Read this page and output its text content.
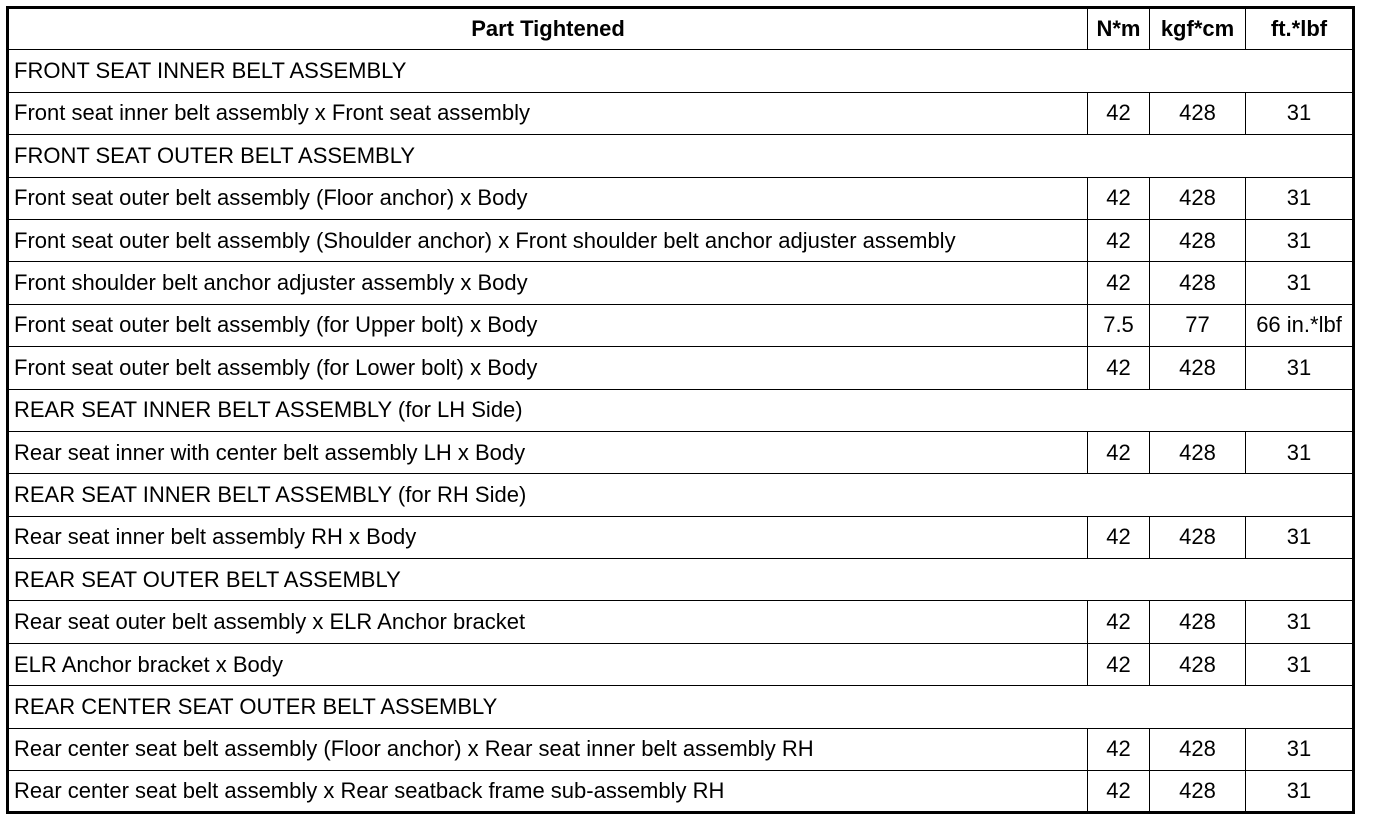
Part Tightened	N*m	kgf*cm	ft.*lbf
FRONT SEAT INNER BELT ASSEMBLY			
Front seat inner belt assembly x Front seat assembly	42	428	31
FRONT SEAT OUTER BELT ASSEMBLY			
Front seat outer belt assembly (Floor anchor) x Body	42	428	31
Front seat outer belt assembly (Shoulder anchor) x Front shoulder belt anchor adjuster assembly	42	428	31
Front shoulder belt anchor adjuster assembly x Body	42	428	31
Front seat outer belt assembly (for Upper bolt) x Body	7.5	77	66 in.*lbf
Front seat outer belt assembly (for Lower bolt) x Body	42	428	31
REAR SEAT INNER BELT ASSEMBLY (for LH Side)			
Rear seat inner with center belt assembly LH x Body	42	428	31
REAR SEAT INNER BELT ASSEMBLY (for RH Side)			
Rear seat inner belt assembly RH x Body	42	428	31
REAR SEAT OUTER BELT ASSEMBLY			
Rear seat outer belt assembly x ELR Anchor bracket	42	428	31
ELR Anchor bracket x Body	42	428	31
REAR CENTER SEAT OUTER BELT ASSEMBLY			
Rear center seat belt assembly (Floor anchor) x Rear seat inner belt assembly RH	42	428	31
Rear center seat belt assembly x Rear seatback frame sub-assembly RH	42	428	31
